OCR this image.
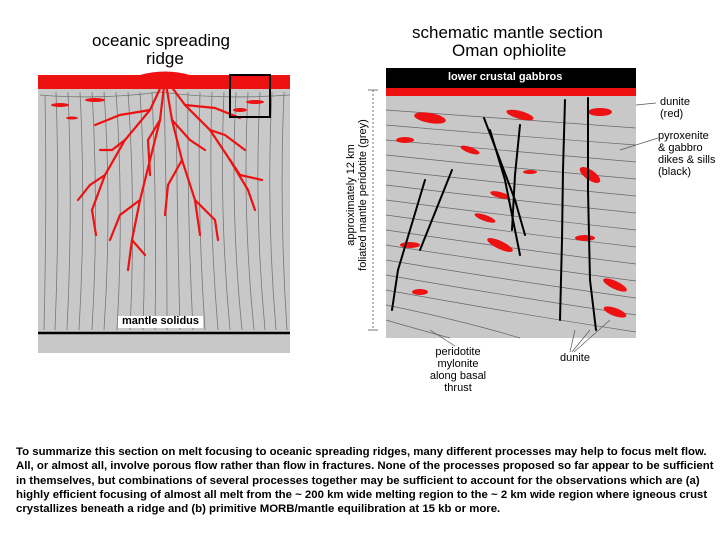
oceanic spreading
ridge
mantle solidus
schematic mantle section
Oman ophiolite
lower crustal gabbros
approximately 12 km foliated mantle peridotite (grey)
dunite
(red)
pyroxenite
& gabbro
dikes & sills
(black)
peridotite
mylonite
along basal
thrust
dunite
To summarize this section on melt focusing to oceanic spreading ridges, many different processes may help to focus melt flow. All, or almost all, involve porous flow rather than flow in fractures. None of the processes proposed so far appear to be sufficient in themselves, but combinations of several processes together may be sufficient to account for the observations which are (a) highly efficient focusing of almost all melt from the ~ 200 km wide melting region to the ~ 2 km wide region where igneous crust crystallizes beneath a ridge and (b) primitive MORB/mantle equilibration at 15 kb or more.
